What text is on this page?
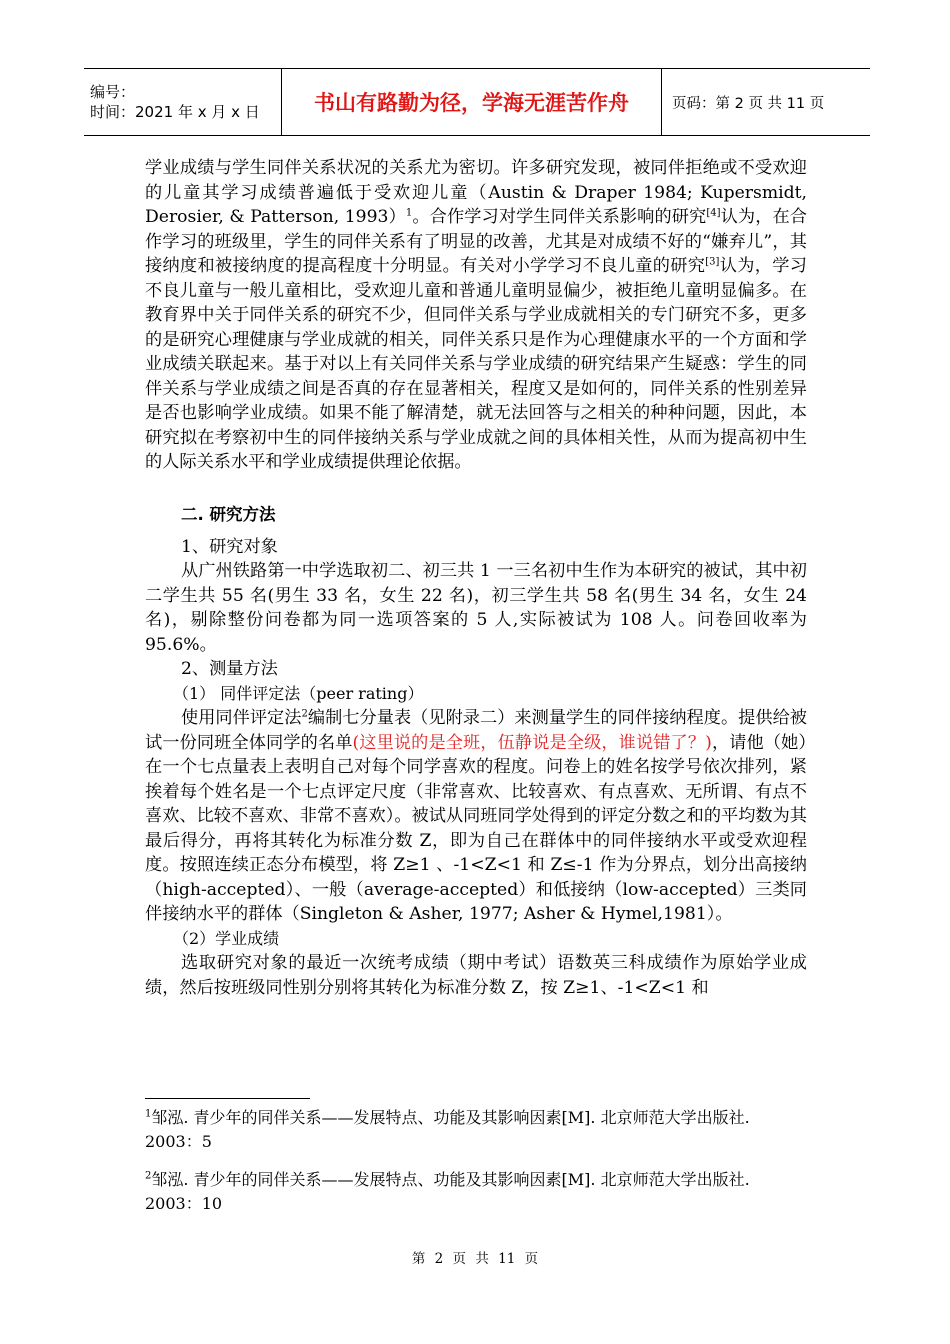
编号：
时间：2021 年 x 月 x 日	书山有路勤为径，学海无涯苦作舟	页码：第 2 页 共 11 页

学业成绩与学生同伴关系状况的关系尤为密切。许多研究发现，被同伴拒绝或不受欢迎的儿童其学习成绩普遍低于受欢迎儿童（Austin & Draper 1984; Kupersmidt, Derosier, & Patterson, 1993）$^1$。合作学习对学生同伴关系影响的研究[4]认为，在合作学习的班级里，学生的同伴关系有了明显的改善，尤其是对成绩不好的“嫌弃儿”，其接纳度和被接纳度的提高程度十分明显。有关对小学学习不良儿童的研究[3]认为，学习不良儿童与一般儿童相比，受欢迎儿童和普通儿童明显偏少，被拒绝儿童明显偏多。在教育界中关于同伴关系的研究不少，但同伴关系与学业成就相关的专门研究不多，更多的是研究心理健康与学业成就的相关，同伴关系只是作为心理健康水平的一个方面和学业成绩关联起来。基于对以上有关同伴关系与学业成绩的研究结果产生疑惑：学生的同伴关系与学业成绩之间是否真的存在显著相关，程度又是如何的，同伴关系的性别差异是否也影响学业成绩。如果不能了解清楚，就无法回答与之相关的种种问题，因此，本研究拟在考察初中生的同伴接纳关系与学业成就之间的具体相关性，从而为提高初中生的人际关系水平和学业成绩提供理论依据。

二. 研究方法

1、研究对象

从广州铁路第一中学选取初二、初三共 1 一三名初中生作为本研究的被试，其中初二学生共 55 名(男生 33 名，女生 22 名)，初三学生共 58 名(男生 34 名，女生 24 名)，剔除整份问卷都为同一选项答案的 5 人,实际被试为 108 人。问卷回收率为 95.6%。

2、测量方法

（1） 同伴评定法（peer rating）

使用同伴评定法$^2$编制七分量表（见附录二）来测量学生的同伴接纳程度。提供给被试一份同班全体同学的名单(这里说的是全班，伍静说是全级，谁说错了？)，请他（她）在一个七点量表上表明自己对每个同学喜欢的程度。问卷上的姓名按学号依次排列，紧挨着每个姓名是一个七点评定尺度（非常喜欢、比较喜欢、有点喜欢、无所谓、有点不喜欢、比较不喜欢、非常不喜欢）。被试从同班同学处得到的评定分数之和的平均数为其最后得分，再将其转化为标准分数 Z，即为自己在群体中的同伴接纳水平或受欢迎程度。按照连续正态分布模型，将 Z≥1 、-1<Z<1 和 Z≤-1 作为分界点，划分出高接纳（high-accepted）、一般（average-accepted）和低接纳（low-accepted）三类同伴接纳水平的群体（Singleton & Asher, 1977; Asher & Hymel,1981）。

（2）学业成绩

选取研究对象的最近一次统考成绩（期中考试）语数英三科成绩作为原始学业成绩，然后按班级同性别分别将其转化为标准分数 Z，按 Z≥1、-1<Z<1 和

$^1$邹泓. 青少年的同伴关系——发展特点、功能及其影响因素[M]. 北京师范大学出版社. 2003：5
$^2$邹泓. 青少年的同伴关系——发展特点、功能及其影响因素[M]. 北京师范大学出版社. 2003：10
第 2 页 共 11 页
